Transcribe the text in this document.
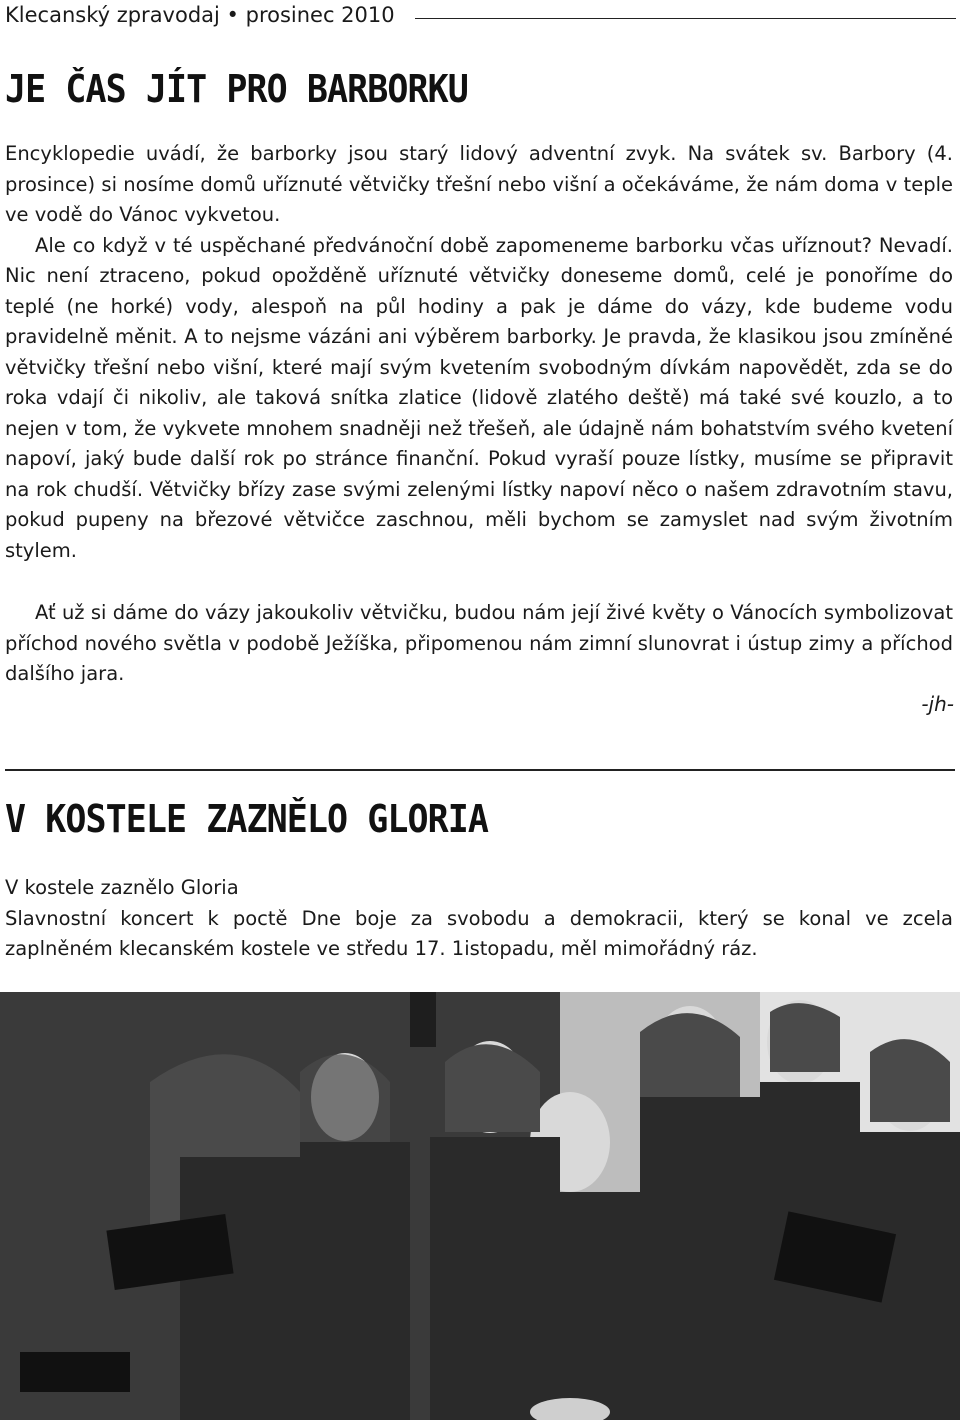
Klecanský zpravodaj • prosinec 2010
JE ČAS JÍT PRO BARBORKU

Encyklopedie uvádí, že barborky jsou starý lidový adventní zvyk. Na svátek sv. Barbory (4. prosince) si nosíme domů uříznuté větvičky třešní nebo višní a očekáváme, že nám doma v teple ve vodě do Vánoc vykvetou.

Ale co když v té uspěchané předvánoční době zapomeneme barborku včas uříznout? Nevadí. Nic není ztraceno, pokud opožděně uříznuté větvičky doneseme domů, celé je ponoříme do teplé (ne horké) vody, alespoň na půl hodiny a pak je dáme do vázy, kde budeme vodu pravidelně měnit. A to nejsme vázáni ani výběrem barborky. Je pravda, že klasikou jsou zmíněné větvičky třešní nebo višní, které mají svým kvetením svobodným dívkám napovědět, zda se do roka vdají či nikoliv, ale taková snítka zlatice (lidově zlatého deště) má také své kouzlo, a to nejen v tom, že vykvete mnohem snadněji než třešeň, ale údajně nám bohatstvím svého kvetení napoví, jaký bude další rok po stránce finanční. Pokud vyraší pouze lístky, musíme se připravit na rok chudší. Větvičky břízy zase svými zelenými lístky napoví něco o našem zdravotním stavu, pokud pupeny na březové větvičce zaschnou, měli bychom se zamyslet nad svým životním stylem.

Ať už si dáme do vázy jakoukoliv větvičku, budou nám její živé květy o Vánocích symbolizovat příchod nového světla v podobě Ježíška, připomenou nám zimní slunovrat i ústup zimy a příchod dalšího jara.

-jh-
V KOSTELE ZAZNĚLO GLORIA

V kostele zaznělo Gloria

Slavnostní koncert k poctě Dne boje za svobodu a demokracii, který se konal ve zcela zaplněném klecanském kostele ve středu 17. 1istopadu, měl mimořádný ráz.
